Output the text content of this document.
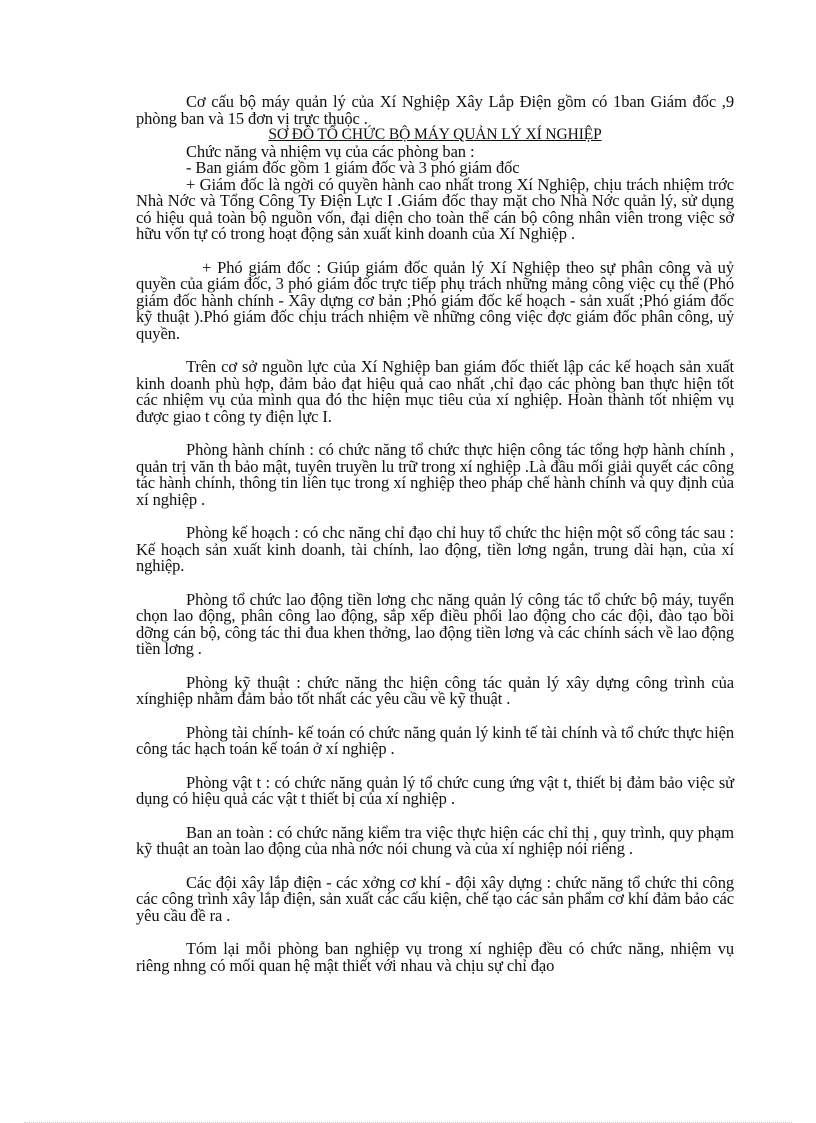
Cơ cấu bộ máy quản lý của Xí Nghiệp Xây Lắp Điện gồm có 1ban Giám đốc ,9 phòng ban và 15 đơn vị trực thuộc .

SƠ ĐỒ TỔ CHỨC BỘ MÁY QUẢN LÝ XÍ NGHIỆP

Chức năng và nhiệm vụ của các phòng ban :

- Ban giám đốc gồm 1 giám đốc và 3 phó giám đốc

+ Giám đốc là ngời có quyền hành cao nhất trong Xí Nghiệp, chịu trách nhiệm trớc Nhà Nớc và Tổng Công Ty Điện Lực I .Giám đốc thay mặt cho Nhà Nớc quản lý, sử dụng có hiệu quả toàn bộ nguồn vốn, đại diện cho toàn thể cán bộ công nhân viên trong việc sở hữu vốn tự có trong hoạt động sản xuất kinh doanh của Xí Nghiệp .

+ Phó giám đốc : Giúp giám đốc quản lý Xí Nghiệp theo sự phân công và uỷ quyền của giám đốc, 3 phó giám đốc trực tiếp phụ trách những mảng công việc cụ thể (Phó giám đốc hành chính - Xây dựng cơ bản ;Phó giám đốc kế hoạch - sản xuất ;Phó giám đốc kỹ thuật ).Phó giám đốc chịu trách nhiệm về những công việc đợc giám đốc phân công, uỷ quyền.

Trên cơ sở nguồn lực của Xí Nghiệp ban giám đốc thiết lập các kế hoạch sản xuất kinh doanh phù hợp, đảm bảo đạt hiệu quả cao nhất ,chỉ đạo các phòng ban thực hiện tốt các nhiệm vụ của mình qua đó thc hiện mục tiêu của xí nghiệp. Hoàn thành tốt nhiệm vụ được giao t công ty điện lực I.

Phòng hành chính : có chức năng tổ chức thực hiện công tác tổng hợp hành chính , quản trị văn th bảo mật, tuyên truyền lu trữ trong xí nghiệp .Là đầu mối giải quyết các công tác hành chính, thông tin liên tục trong xí nghiệp theo pháp chế hành chính và quy định của xí nghiệp .

Phòng kế hoạch : có chc năng chỉ đạo chỉ huy tổ chức thc hiện một số công tác sau : Kế hoạch sản xuất kinh doanh, tài chính, lao động, tiền lơng ngắn, trung dài hạn, của xí nghiệp.

Phòng tổ chức lao động tiền lơng chc năng quản lý công tác tổ chức bộ máy, tuyển chọn lao động, phân công lao động, sắp xếp điều phối lao động cho các đội, đào tạo bồi dỡng cán bộ, công tác thi đua khen thởng, lao động tiền lơng và các chính sách về lao động tiền lơng .

Phòng kỹ thuật : chức năng thc hiện công tác quản lý xây dựng công trình của xínghiệp nhằm đảm bảo tốt nhất các yêu cầu về kỹ thuật .

Phòng tài chính- kế toán có chức năng quản lý kinh tế tài chính và tổ chức thực hiện công tác hạch toán kế toán ở xí nghiệp .

Phòng vật t : có chức năng quản lý tổ chức cung ứng vật t, thiết bị đảm bảo việc sử dụng có hiệu quả các vật t thiết bị của xí nghiệp .

Ban an toàn : có chức năng kiểm tra việc thực hiện các chỉ thị , quy trình, quy phạm kỹ thuật an toàn lao động của nhà nớc nói chung và của xí nghiệp nói riêng .

Các đội xây lắp điện - các xởng cơ khí - đội xây dựng : chức năng tổ chức thi công các công trình xây lắp điện, sản xuất các cấu kiện, chế tạo các sản phẩm cơ khí đảm bảo các yêu cầu đề ra .

Tóm lại mỗi phòng ban nghiệp vụ trong xí nghiệp đều có chức năng, nhiệm vụ riêng nhng có mối quan hệ mật thiết với nhau và chịu sự chỉ đạo
